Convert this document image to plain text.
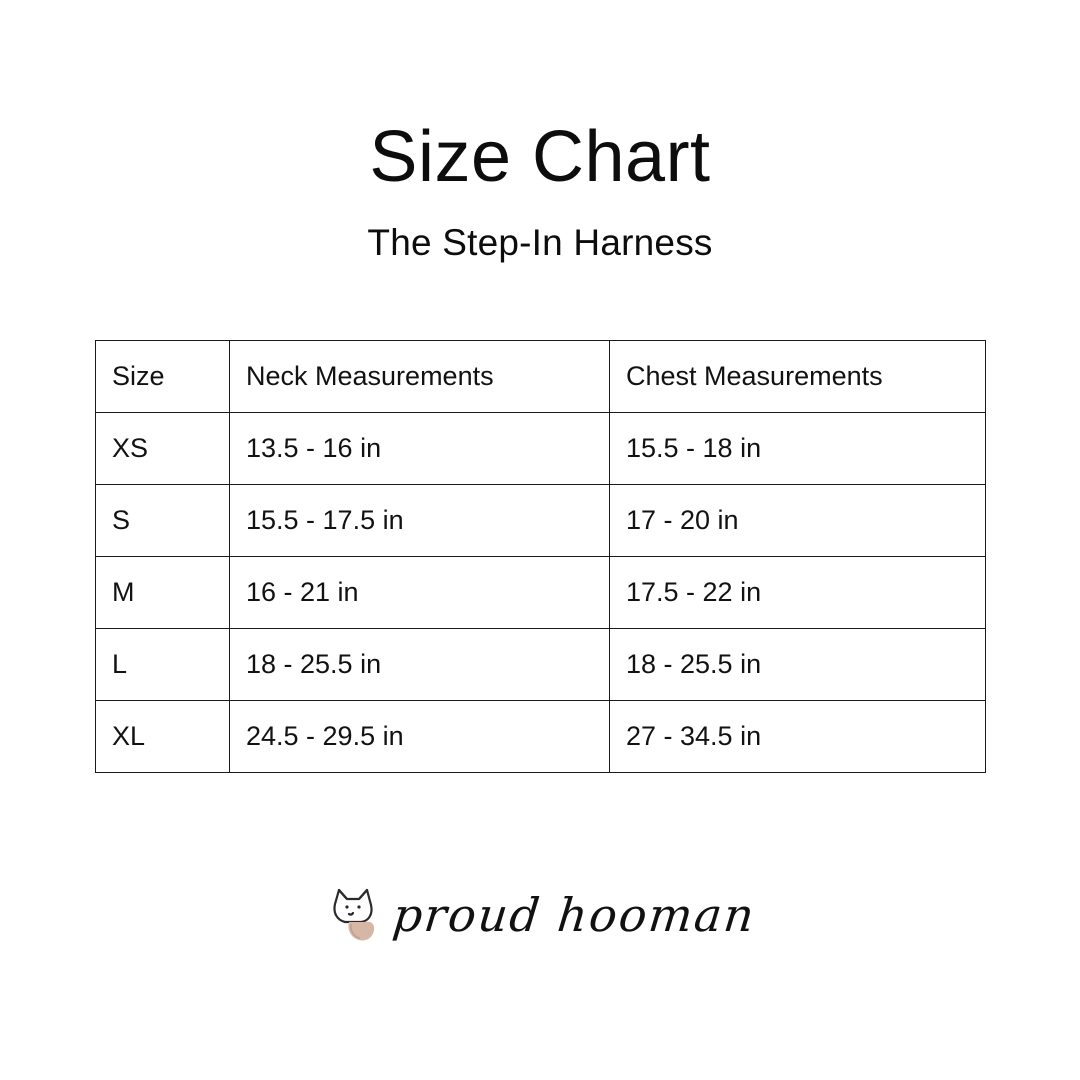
Size Chart
The Step-In Harness
Size	Neck Measurements	Chest Measurements
XS	13.5 - 16 in	15.5 - 18 in
S	15.5 - 17.5 in	17 - 20 in
M	16 - 21 in	17.5 - 22 in
L	18 - 25.5 in	18 - 25.5 in
XL	24.5 - 29.5 in	27 - 34.5 in
proud hooman
